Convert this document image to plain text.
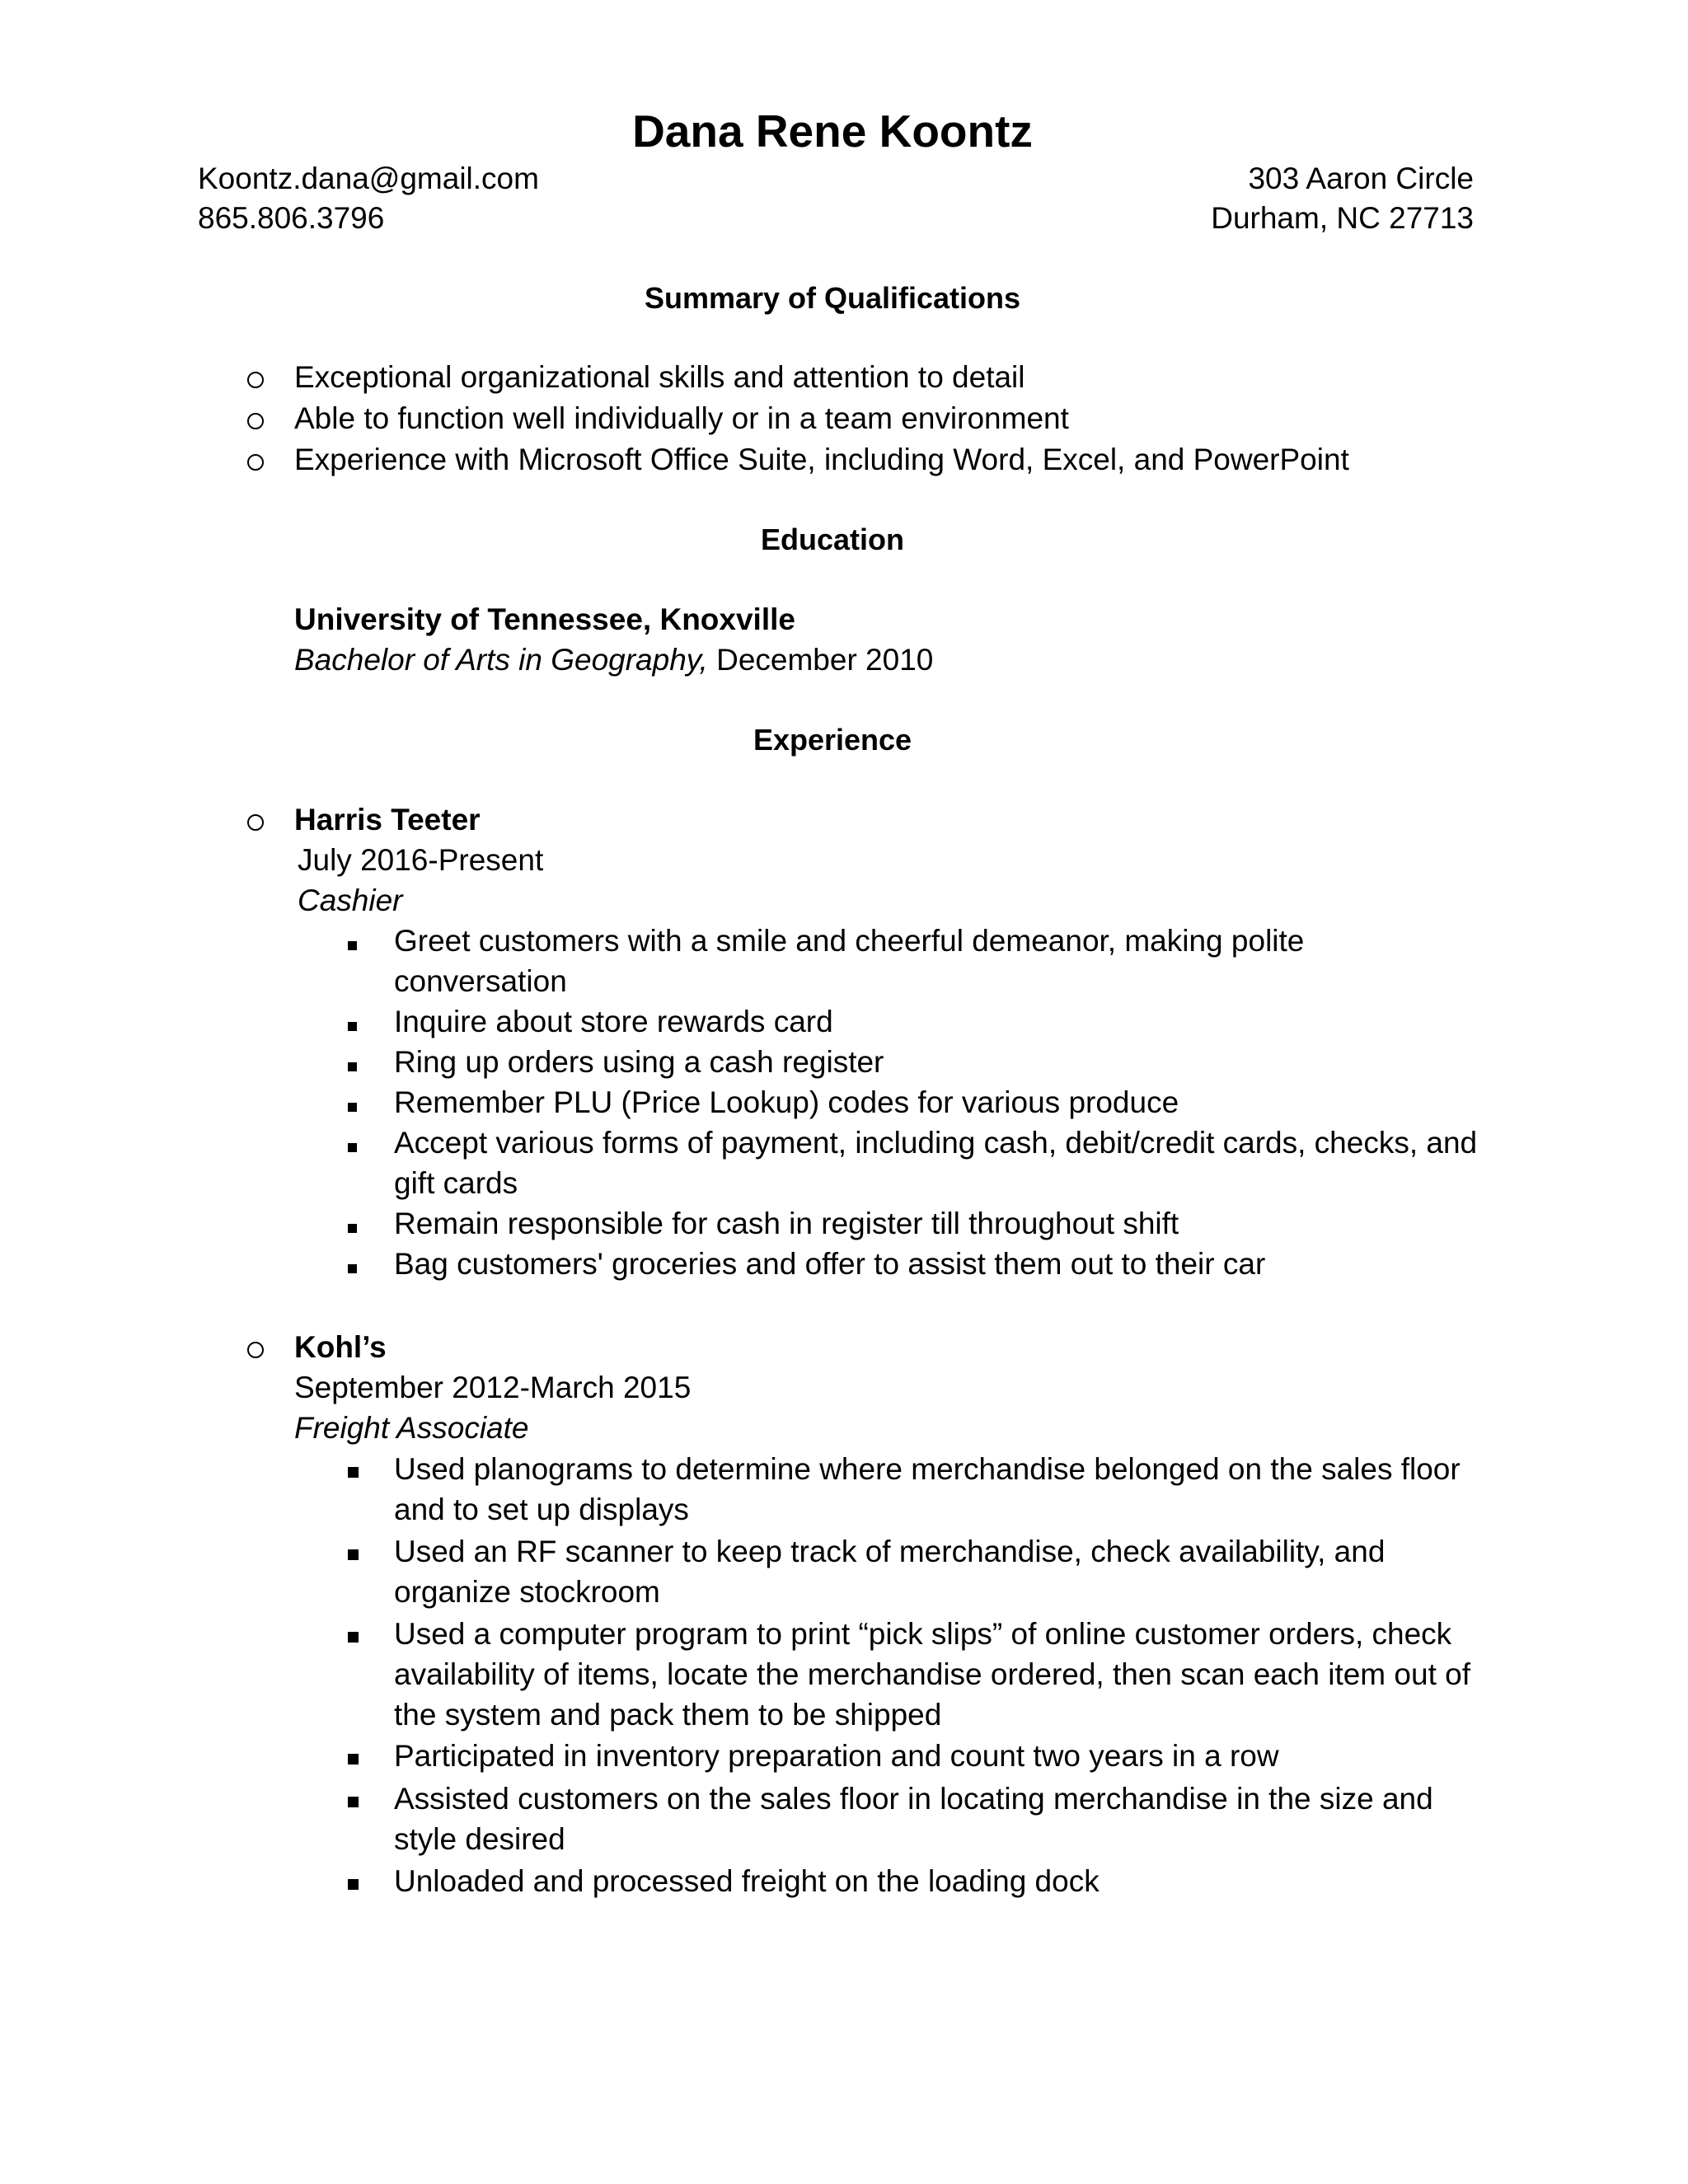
Dana Rene Koontz
Koontz.dana@gmail.com
865.806.3796
303 Aaron Circle
Durham, NC 27713
Summary of Qualifications
Exceptional organizational skills and attention to detail
Able to function well individually or in a team environment
Experience with Microsoft Office Suite, including Word, Excel, and PowerPoint
Education
University of Tennessee, Knoxville
Bachelor of Arts in Geography, December 2010
Experience
Harris Teeter
July 2016-Present
Cashier
Greet customers with a smile and cheerful demeanor, making polite
conversation
Inquire about store rewards card
Ring up orders using a cash register
Remember PLU (Price Lookup) codes for various produce
Accept various forms of payment, including cash, debit/credit cards, checks, and
gift cards
Remain responsible for cash in register till throughout shift
Bag customers' groceries and offer to assist them out to their car
Kohl’s
September 2012-March 2015
Freight Associate
Used planograms to determine where merchandise belonged on the sales floor
and to set up displays
Used an RF scanner to keep track of merchandise, check availability, and
organize stockroom
Used a computer program to print “pick slips” of online customer orders, check
availability of items, locate the merchandise ordered, then scan each item out of
the system and pack them to be shipped
Participated in inventory preparation and count two years in a row
Assisted customers on the sales floor in locating merchandise in the size and
style desired
Unloaded and processed freight on the loading dock
